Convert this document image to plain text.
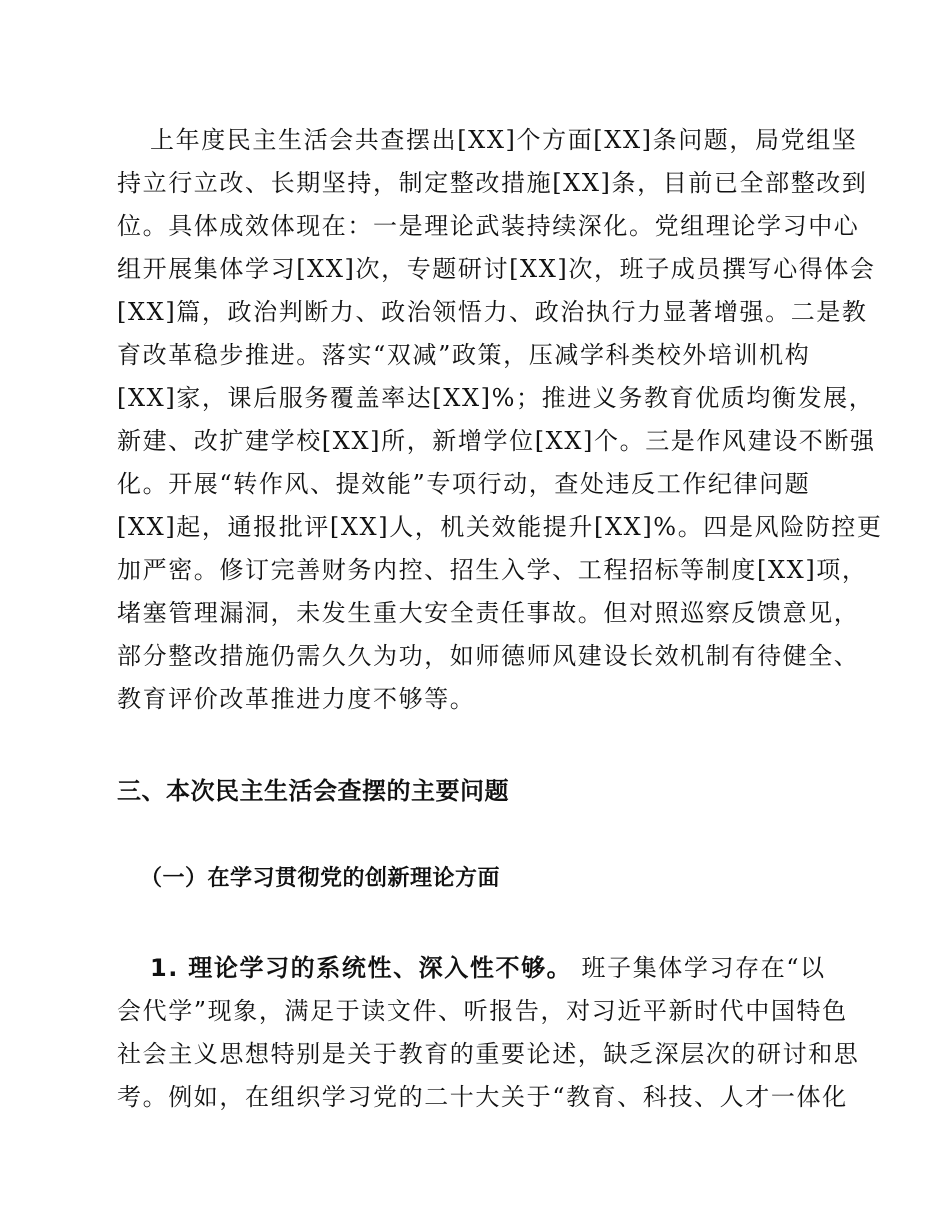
上年度民主生活会共查摆出[XX]个方面[XX]条问题，局党组坚
持立行立改、长期坚持，制定整改措施[XX]条，目前已全部整改到
位。具体成效体现在：一是理论武装持续深化。党组理论学习中心
组开展集体学习[XX]次，专题研讨[XX]次，班子成员撰写心得体会
[XX]篇，政治判断力、政治领悟力、政治执行力显著增强。二是教
育改革稳步推进。落实“双减”政策，压减学科类校外培训机构
[XX]家，课后服务覆盖率达[XX]%；推进义务教育优质均衡发展，
新建、改扩建学校[XX]所，新增学位[XX]个。三是作风建设不断强
化。开展“转作风、提效能”专项行动，查处违反工作纪律问题
[XX]起，通报批评[XX]人，机关效能提升[XX]%。四是风险防控更
加严密。修订完善财务内控、招生入学、工程招标等制度[XX]项，
堵塞管理漏洞，未发生重大安全责任事故。但对照巡察反馈意见，
部分整改措施仍需久久为功，如师德师风建设长效机制有待健全、
教育评价改革推进力度不够等。
三、本次民主生活会查摆的主要问题
（一）在学习贯彻党的创新理论方面
1. 理论学习的系统性、深入性不够。 班子集体学习存在“以
会代学”现象，满足于读文件、听报告，对习近平新时代中国特色
社会主义思想特别是关于教育的重要论述，缺乏深层次的研讨和思
考。例如，在组织学习党的二十大关于“教育、科技、人才一体化
